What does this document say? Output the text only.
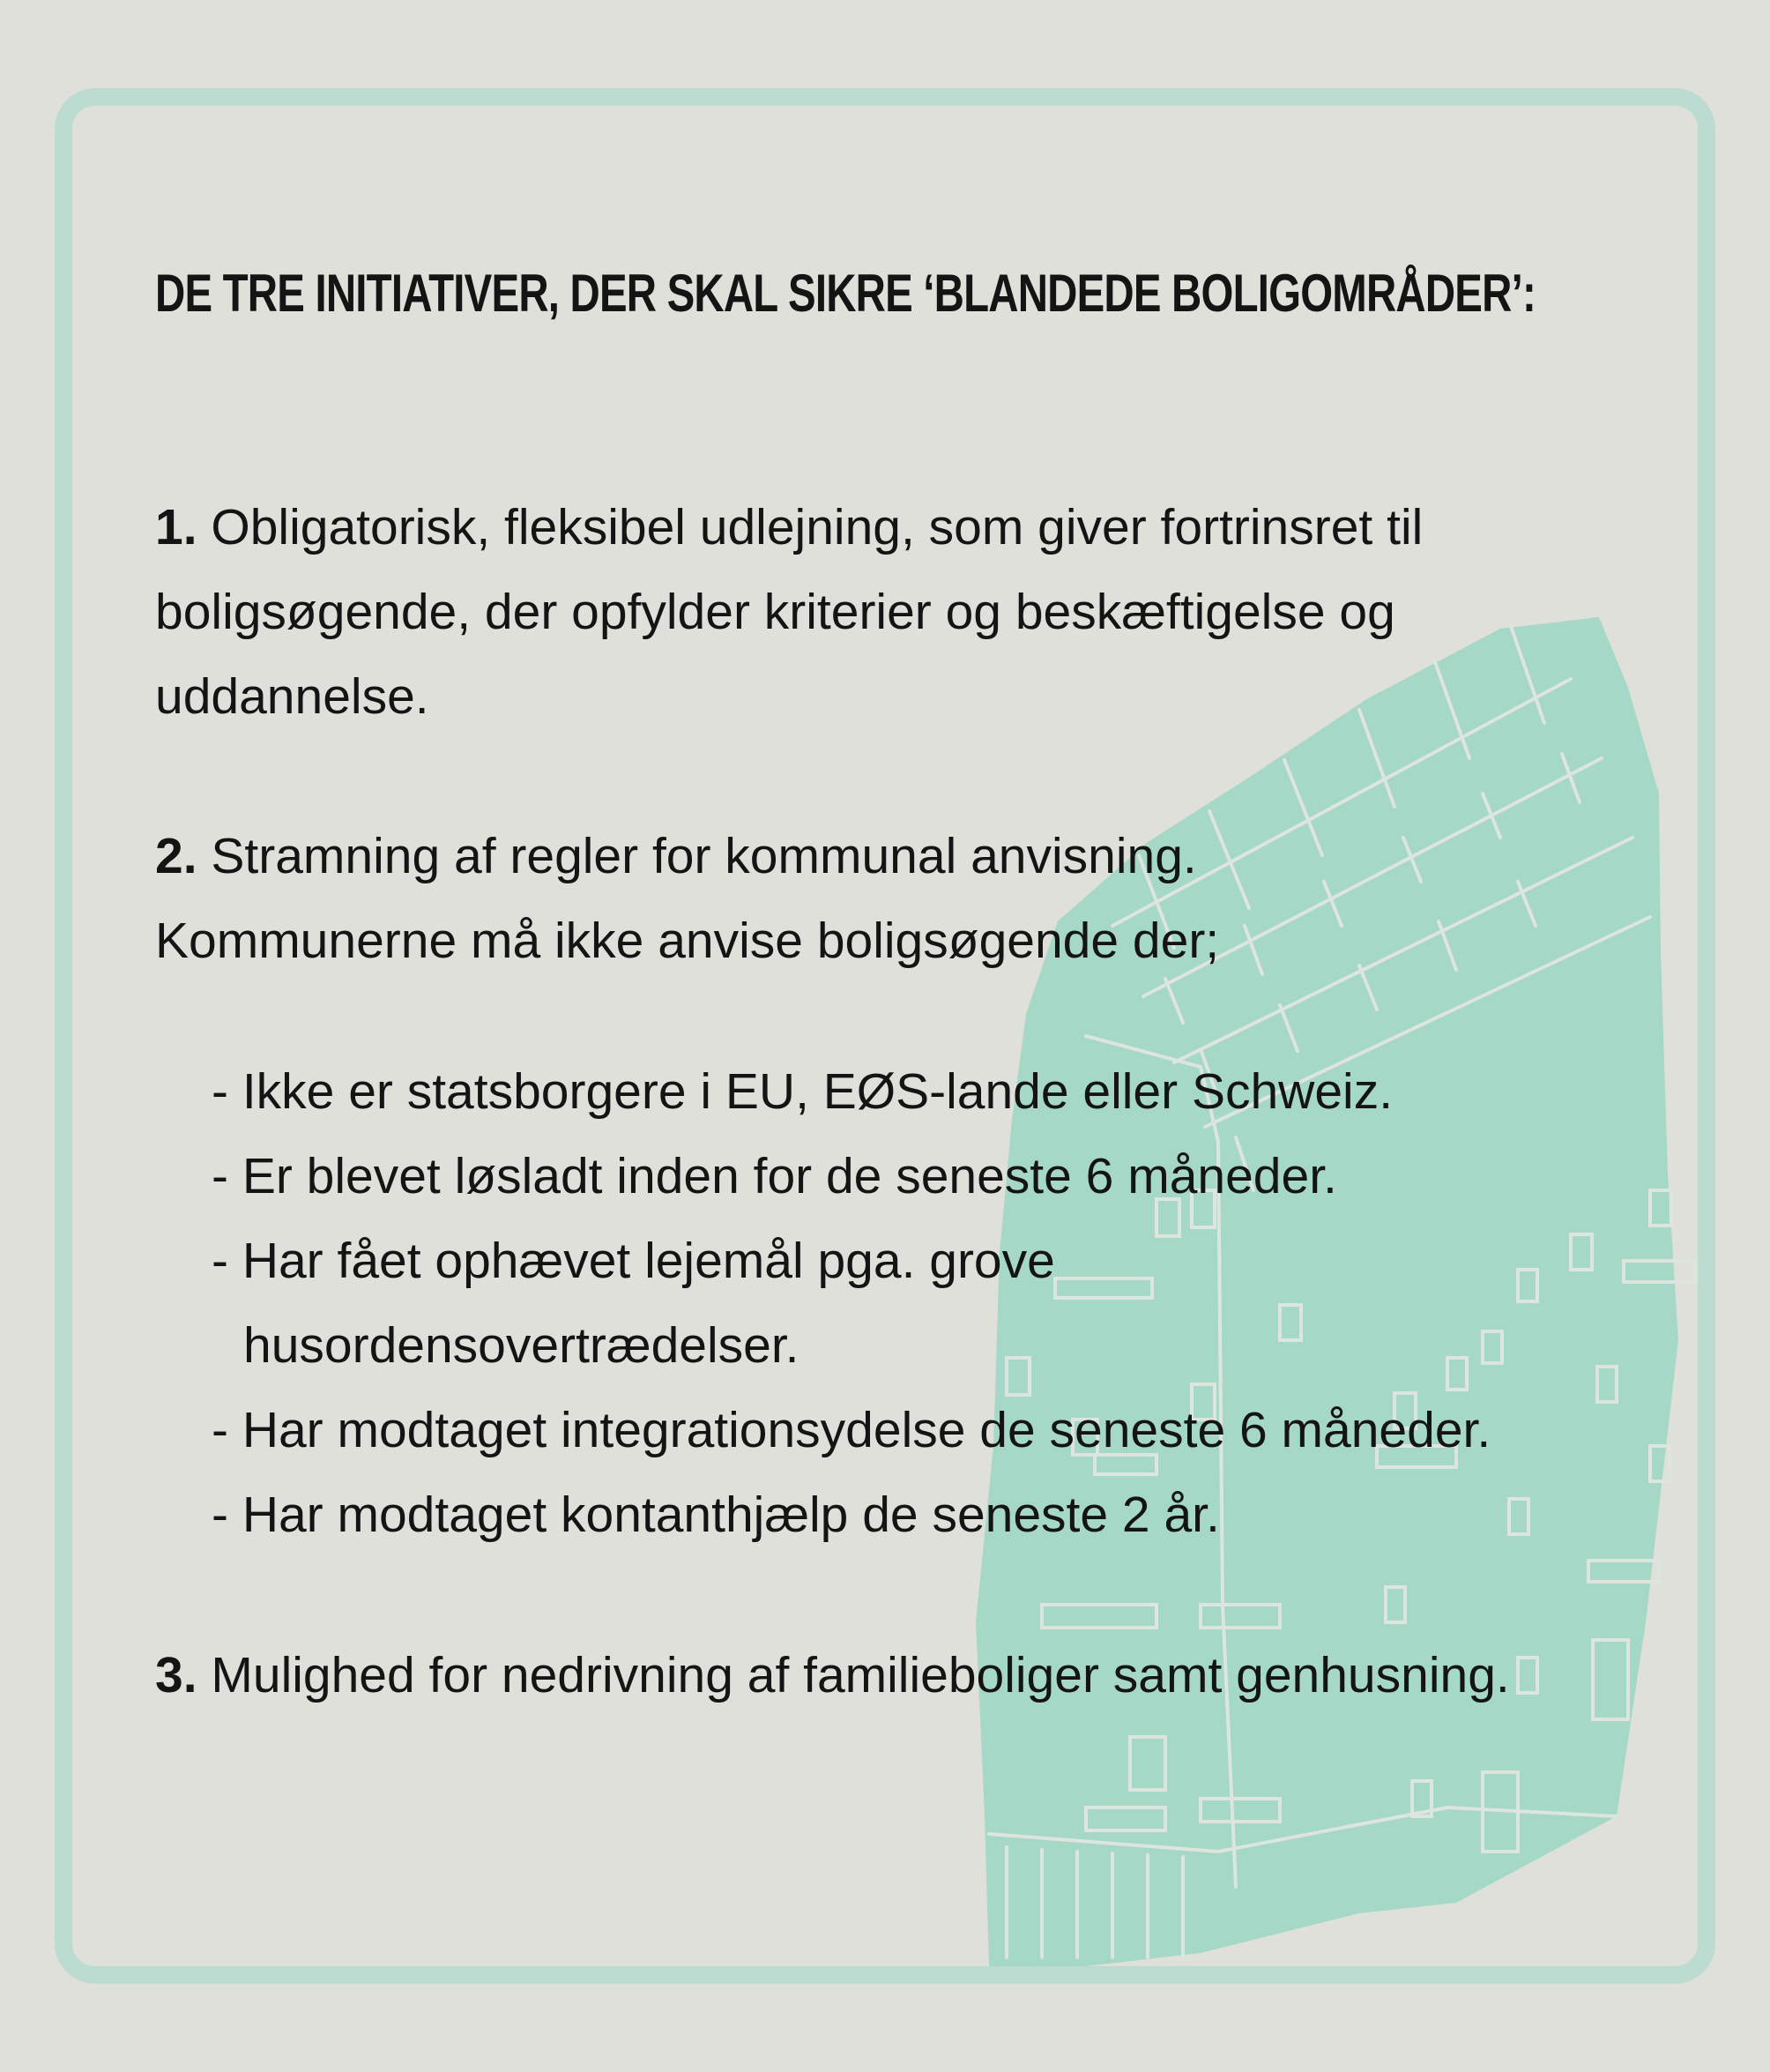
DE TRE INITIATIVER, DER SKAL SIKRE ‘BLANDEDE BOLIGOMRÅDER’:

1. Obligatorisk, fleksibel udlejning, som giver fortrinsret til boligsøgende, der opfylder kriterier og beskæftigelse og uddannelse.

2. Stramning af regler for kommunal anvisning.
Kommunerne må ikke anvise boligsøgende der;

- Ikke er statsborgere i EU, EØS-lande eller Schweiz.
- Er blevet løsladt inden for de seneste 6 måneder.
- Har fået ophævet lejemål pga. grove husordensovertrædelser.
- Har modtaget integrationsydelse de seneste 6 måneder.
- Har modtaget kontanthjælp de seneste 2 år.

3. Mulighed for nedrivning af familieboliger samt genhusning.
